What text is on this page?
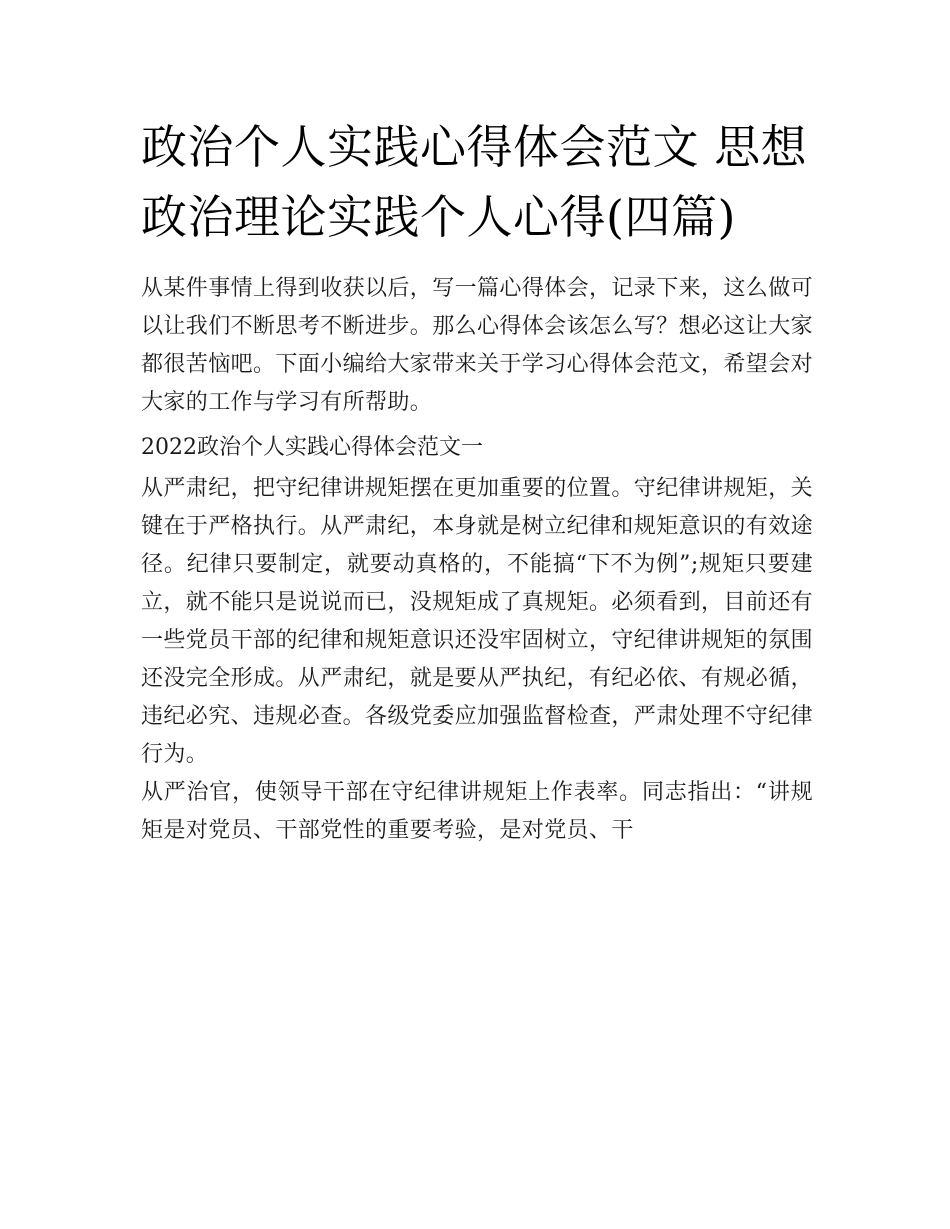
政治个人实践心得体会范文 思想政治理论实践个人心得(四篇)

从某件事情上得到收获以后，写一篇心得体会，记录下来，这么做可以让我们不断思考不断进步。那么心得体会该怎么写？想必这让大家都很苦恼吧。下面小编给大家带来关于学习心得体会范文，希望会对大家的工作与学习有所帮助。

2022政治个人实践心得体会范文一

从严肃纪，把守纪律讲规矩摆在更加重要的位置。守纪律讲规矩，关键在于严格执行。从严肃纪，本身就是树立纪律和规矩意识的有效途径。纪律只要制定，就要动真格的，不能搞“下不为例”;规矩只要建立，就不能只是说说而已，没规矩成了真规矩。必须看到，目前还有一些党员干部的纪律和规矩意识还没牢固树立，守纪律讲规矩的氛围还没完全形成。从严肃纪，就是要从严执纪，有纪必依、有规必循，违纪必究、违规必查。各级党委应加强监督检查，严肃处理不守纪律行为。

从严治官，使领导干部在守纪律讲规矩上作表率。同志指出：“讲规矩是对党员、干部党性的重要考验，是对党员、干
